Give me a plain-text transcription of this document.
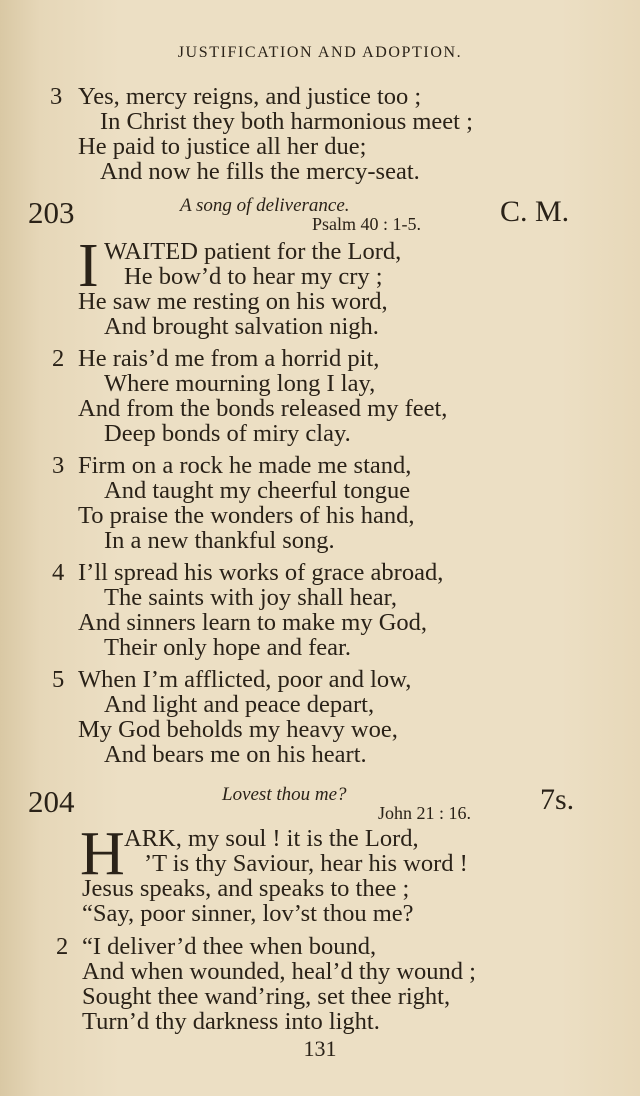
JUSTIFICATION AND ADOPTION.
3 Yes, mercy reigns, and justice too ;
In Christ they both harmonious meet ;
He paid to justice all her due;
And now he fills the mercy-seat.
203	A song of deliverance.
Psalm 40 : 1-5.	C. M.
I WAITED patient for the Lord,
He bow’d to hear my cry ;
He saw me resting on his word,
And brought salvation nigh.
2 He rais’d me from a horrid pit,
Where mourning long I lay,
And from the bonds released my feet,
Deep bonds of miry clay.
3 Firm on a rock he made me stand,
And taught my cheerful tongue
To praise the wonders of his hand,
In a new thankful song.
4 I’ll spread his works of grace abroad,
The saints with joy shall hear,
And sinners learn to make my God,
Their only hope and fear.
5 When I’m afflicted, poor and low,
And light and peace depart,
My God beholds my heavy woe,
And bears me on his heart.
204	Lovest thou me?
John 21 : 16. 7s.
H ARK, my soul ! it is the Lord,
’T is thy Saviour, hear his word !
Jesus speaks, and speaks to thee ;
“Say, poor sinner, lov’st thou me?
2 “I deliver’d thee when bound,
And when wounded, heal’d thy wound ;
Sought thee wand’ring, set thee right,
Turn’d thy darkness into light.
131
